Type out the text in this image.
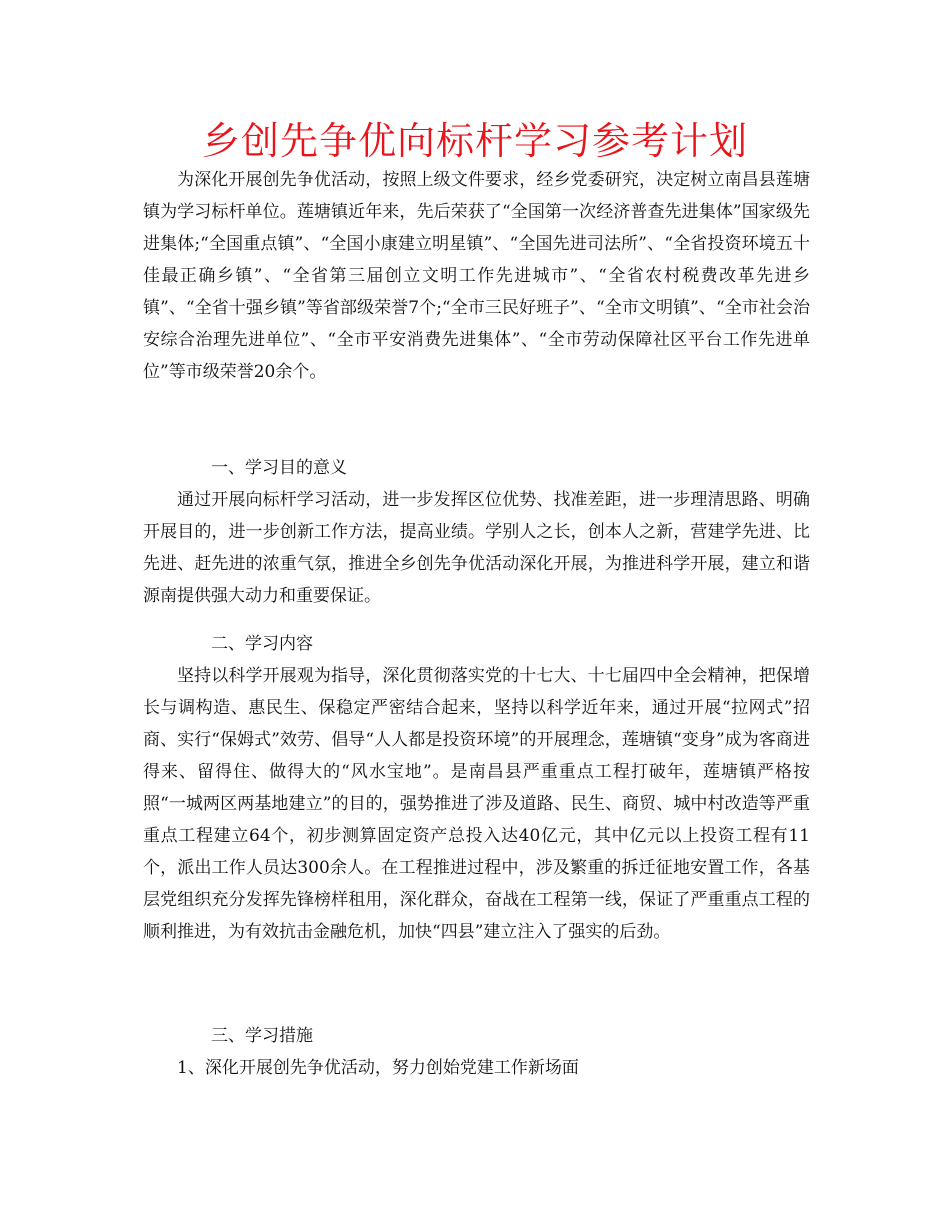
乡创先争优向标杆学习参考计划

为深化开展创先争优活动，按照上级文件要求，经乡党委研究，决定树立南昌县莲塘镇为学习标杆单位。莲塘镇近年来，先后荣获了“全国第一次经济普查先进集体”国家级先进集体;“全国重点镇”、“全国小康建立明星镇”、“全国先进司法所”、“全省投资环境五十佳最正确乡镇”、“全省第三届创立文明工作先进城市”、“全省农村税费改革先进乡镇”、“全省十强乡镇”等省部级荣誉7个;“全市三民好班子”、“全市文明镇”、“全市社会治安综合治理先进单位”、“全市平安消费先进集体”、“全市劳动保障社区平台工作先进单位”等市级荣誉20余个。

一、学习目的意义

通过开展向标杆学习活动，进一步发挥区位优势、找准差距，进一步理清思路、明确开展目的，进一步创新工作方法，提高业绩。学别人之长，创本人之新，营建学先进、比先进、赶先进的浓重气氛，推进全乡创先争优活动深化开展，为推进科学开展，建立和谐源南提供强大动力和重要保证。

二、学习内容

坚持以科学开展观为指导，深化贯彻落实党的十七大、十七届四中全会精神，把保增长与调构造、惠民生、保稳定严密结合起来，坚持以科学近年来，通过开展“拉网式”招商、实行“保姆式”效劳、倡导“人人都是投资环境”的开展理念，莲塘镇“变身”成为客商进得来、留得住、做得大的“风水宝地”。是南昌县严重重点工程打破年，莲塘镇严格按照“一城两区两基地建立”的目的，强势推进了涉及道路、民生、商贸、城中村改造等严重重点工程建立64个，初步测算固定资产总投入达40亿元，其中亿元以上投资工程有11个，派出工作人员达300余人。在工程推进过程中，涉及繁重的拆迁征地安置工作，各基层党组织充分发挥先锋榜样租用，深化群众，奋战在工程第一线，保证了严重重点工程的顺利推进，为有效抗击金融危机，加快“四县”建立注入了强实的后劲。

三、学习措施

1、深化开展创先争优活动，努力创始党建工作新场面
